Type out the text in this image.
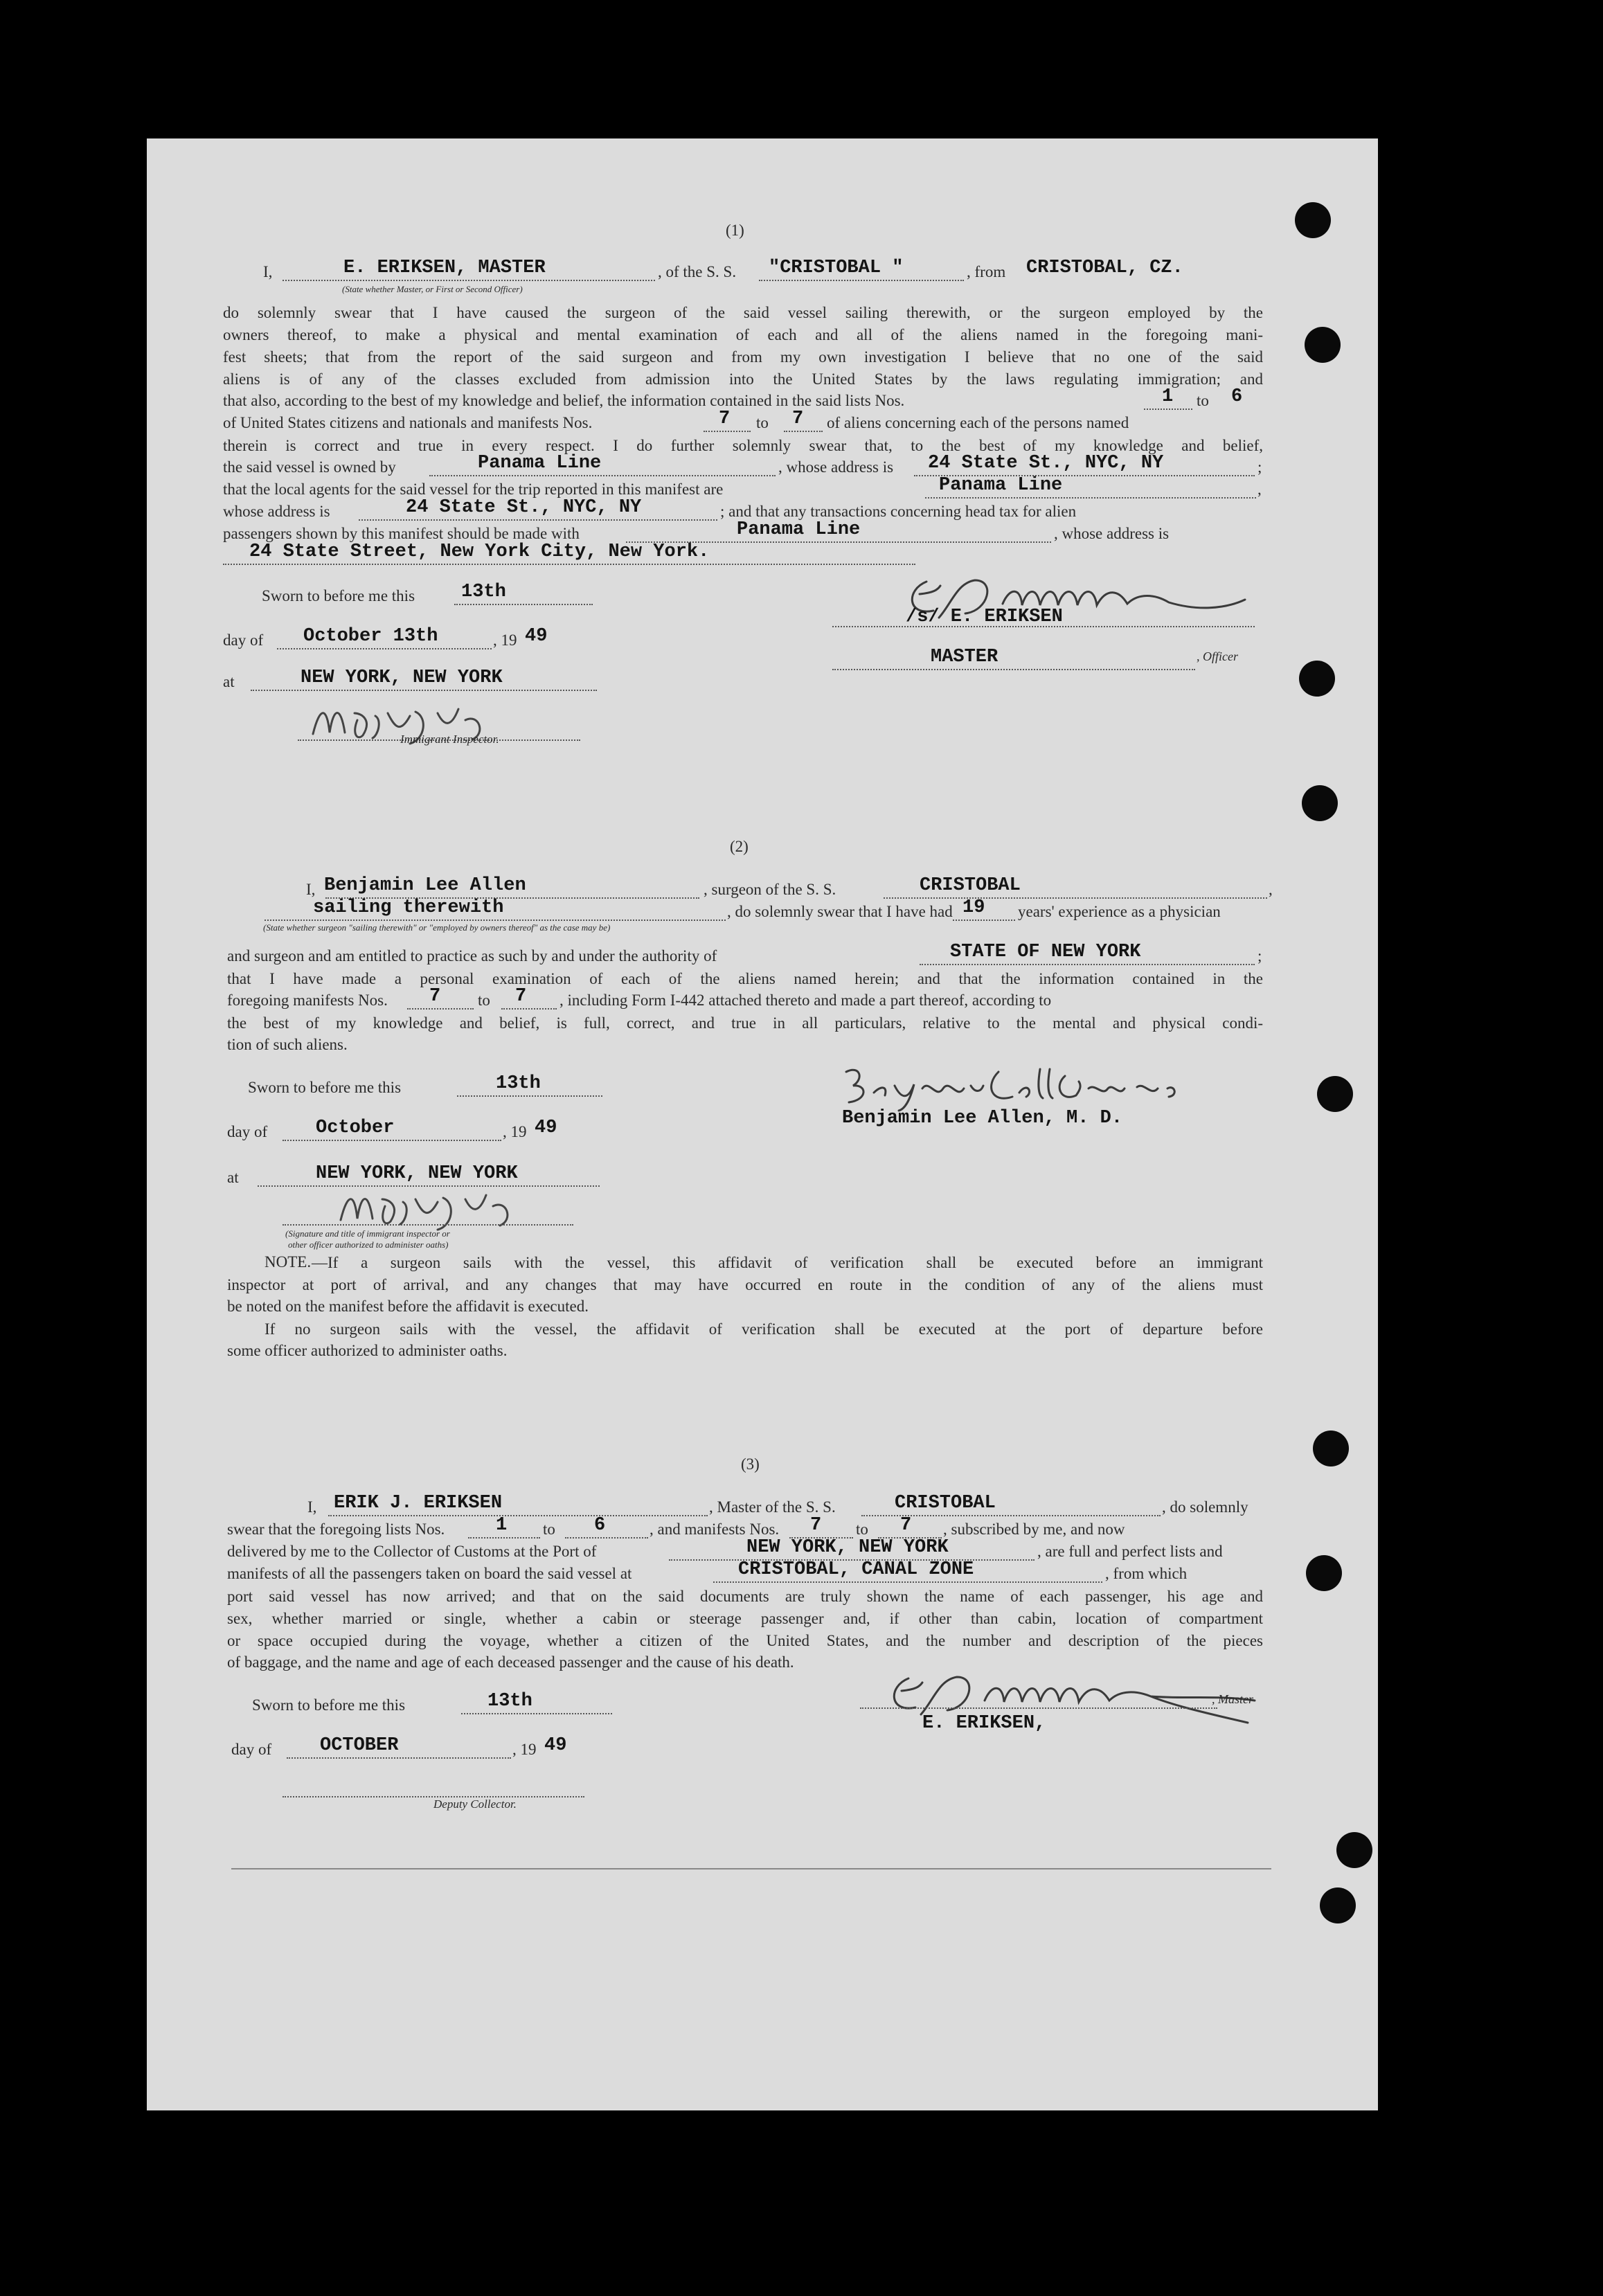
(1)
I,	E. ERIKSEN, MASTER	, of the S. S. "CRISTOBAL "	, from CRISTOBAL, CZ.
(State whether Master, or First or Second Officer)
do solemnly swear that I have caused the surgeon of the said vessel sailing therewith, or the surgeon employed by the
owners thereof, to make a physical and mental examination of each and all of the aliens named in the foregoing mani-
fest sheets; that from the report of the said surgeon and from my own investigation I believe that no one of the said
aliens is of any of the classes excluded from admission into the United States by the laws regulating immigration; and
that also, according to the best of my knowledge and belief, the information contained in the said lists Nos.	1 to 6
of United States citizens and nationals and manifests Nos.	7 to 7 of aliens concerning each of the persons named
therein is correct and true in every respect. I do further solemnly swear that, to the best of my knowledge and belief,
the said vessel is owned by	Panama Line	, whose address is 24 State St., NYC, NY	;
that the local agents for the said vessel for the trip reported in this manifest are	Panama Line	,
whose address is	24 State St., NYC, NY	; and that any transactions concerning head tax for alien
passengers shown by this manifest should be made with	Panama Line	, whose address is
24 State Street, New York City, New York.
Sworn to before me this 13th
day of October 13th	, 19 49
at	NEW YORK, NEW YORK
Immigrant Inspector.
/s/ E. ERIKSEN
MASTER	, Officer
(2)
I, Benjamin Lee Allen	, surgeon of the S. S.	CRISTOBAL	,
sailing therewith	, do solemnly swear that I have had 19 years' experience as a physician
(State whether surgeon "sailing therewith" or "employed by owners thereof" as the case may be)
and surgeon and am entitled to practice as such by and under the authority of	STATE OF NEW YORK	;
that I have made a personal examination of each of the aliens named herein; and that the information contained in the
foregoing manifests Nos. 7 to 7 , including Form I-442 attached thereto and made a part thereof, according to
the best of my knowledge and belief, is full, correct, and true in all particulars, relative to the mental and physical condi-
tion of such aliens.
Sworn to before me this	13th
day of	October	, 19 49
at	NEW YORK, NEW YORK
(Signature and title of immigrant inspector or
other officer authorized to administer oaths)
Benjamin Lee Allen, M. D.
NOTE. —If a surgeon sails with the vessel, this affidavit of verification shall be executed before an immigrant
inspector at port of arrival, and any changes that may have occurred en route in the condition of any of the aliens must
be noted on the manifest before the affidavit is executed.
If no surgeon sails with the vessel, the affidavit of verification shall be executed at the port of departure before
some officer authorized to administer oaths.
(3)
I, ERIK J. ERIKSEN	, Master of the S. S.	CRISTOBAL	, do solemnly
swear that the foregoing lists Nos.	1 to 6	, and manifests Nos. 7 to 7 , subscribed by me, and now
delivered by me to the Collector of Customs at the Port of	NEW YORK, NEW YORK	, are full and perfect lists and
manifests of all the passengers taken on board the said vessel at	CRISTOBAL, CANAL ZONE	, from which
port said vessel has now arrived; and that on the said documents are truly shown the name of each passenger, his age and
sex, whether married or single, whether a cabin or steerage passenger and, if other than cabin, location of compartment
or space occupied during the voyage, whether a citizen of the United States, and the number and description of the pieces
of baggage, and the name and age of each deceased passenger and the cause of his death.
Sworn to before me this	13th
day of	OCTOBER	, 19 49
Deputy Collector.
, Master
E. ERIKSEN,
